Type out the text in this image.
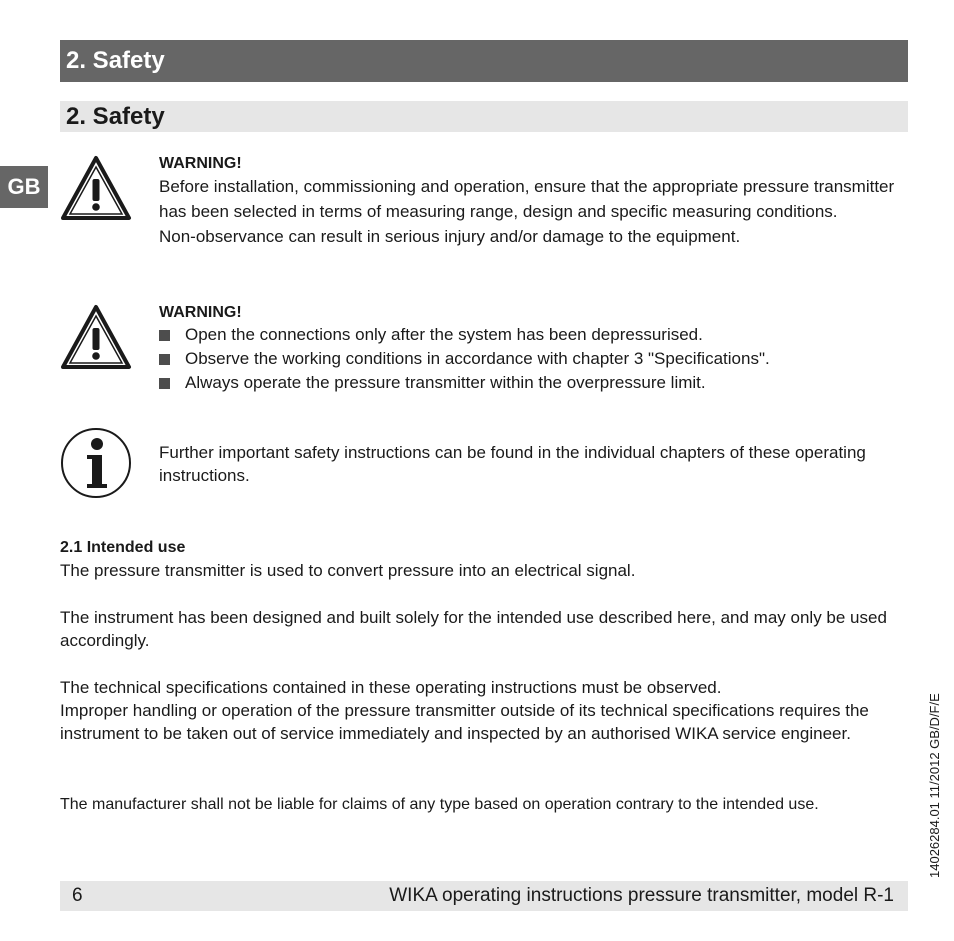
2. Safety
2. Safety
GB
WARNING!

Before installation, commissioning and operation, ensure that the appropriate pressure transmitter has been selected in terms of measuring range, design and specific measuring conditions.

Non-observance can result in serious injury and/or damage to the equipment.

WARNING!
Open the connections only after the system has been depressurised.
Observe the working conditions in accordance with chapter 3 "Specifications".
Always operate the pressure transmitter within the overpressure limit.

Further important safety instructions can be found in the individual chapters of these operating instructions.

2.1 Intended use

The pressure transmitter is used to convert pressure into an electrical signal.

The instrument has been designed and built solely for the intended use described here, and may only be used accordingly.

The technical specifications contained in these operating instructions must be observed.

Improper handling or operation of the pressure transmitter outside of its technical specifications requires the instrument to be taken out of service immediately and inspected by an authorised WIKA service engineer.

The manufacturer shall not be liable for claims of any type based on operation contrary to the intended use.

6	WIKA operating instructions pressure transmitter, model R-1
14026284.01 11/2012 GB/D/F/E
